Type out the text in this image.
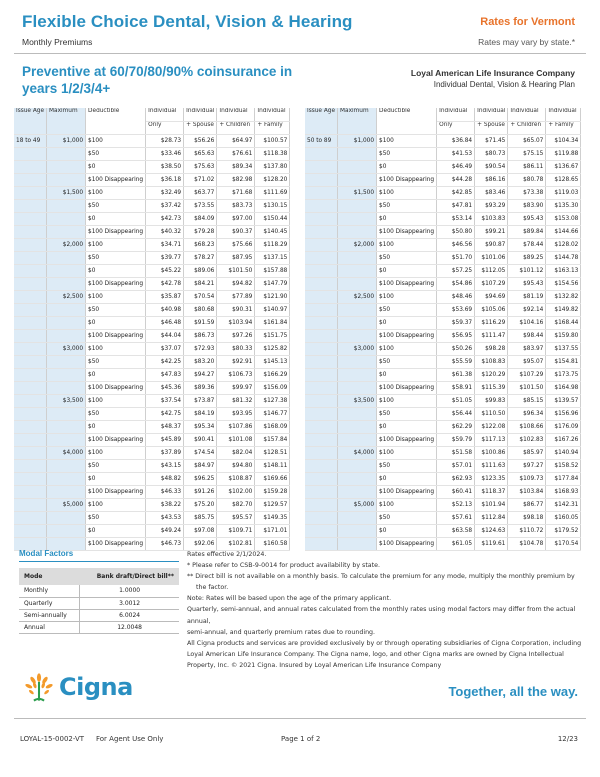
Flexible Choice Dental, Vision & Hearing
Monthly Premiums
Rates for Vermont
Rates may vary by state.*
Preventive at 60/70/80/90% coinsurance in years 1/2/3/4+
Loyal American Life Insurance Company
Individual Dental, Vision & Hearing Plan
Issue Age	Maximum	Deductible	Individual	Individual	Individual	Individual
			Only	+ Spouse	+ Children	+ Family
18 to 49	$1,000	$100	$28.73	$56.26	$64.97	$100.57
		$50	$33.46	$65.63	$76.61	$118.38
		$0	$38.50	$75.63	$89.34	$137.80
		$100 Disappearing	$36.18	$71.02	$82.98	$128.20
	$1,500	$100	$32.49	$63.77	$71.68	$111.69
		$50	$37.42	$73.55	$83.73	$130.15
		$0	$42.73	$84.09	$97.00	$150.44
		$100 Disappearing	$40.32	$79.28	$90.37	$140.45
	$2,000	$100	$34.71	$68.23	$75.66	$118.29
		$50	$39.77	$78.27	$87.95	$137.15
		$0	$45.22	$89.06	$101.50	$157.88
		$100 Disappearing	$42.78	$84.21	$94.82	$147.79
	$2,500	$100	$35.87	$70.54	$77.89	$121.90
		$50	$40.98	$80.68	$90.31	$140.97
		$0	$46.48	$91.59	$103.94	$161.84
		$100 Disappearing	$44.04	$86.73	$97.26	$151.75
	$3,000	$100	$37.07	$72.93	$80.33	$125.82
		$50	$42.25	$83.20	$92.91	$145.13
		$0	$47.83	$94.27	$106.73	$166.29
		$100 Disappearing	$45.36	$89.36	$99.97	$156.09
	$3,500	$100	$37.54	$73.87	$81.32	$127.38
		$50	$42.75	$84.19	$93.95	$146.77
		$0	$48.37	$95.34	$107.86	$168.09
		$100 Disappearing	$45.89	$90.41	$101.08	$157.84
	$4,000	$100	$37.89	$74.54	$82.04	$128.51
		$50	$43.15	$84.97	$94.80	$148.11
		$0	$48.82	$96.25	$108.87	$169.66
		$100 Disappearing	$46.33	$91.26	$102.00	$159.28
	$5,000	$100	$38.22	$75.20	$82.70	$129.57
		$50	$43.53	$85.75	$95.57	$149.35
		$0	$49.24	$97.08	$109.71	$171.01
		$100 Disappearing	$46.73	$92.06	$102.81	$160.58
Issue Age	Maximum	Deductible	Individual	Individual	Individual	Individual
			Only	+ Spouse	+ Children	+ Family
50 to 89	$1,000	$100	$36.84	$71.45	$65.07	$104.34
		$50	$41.53	$80.73	$75.15	$119.88
		$0	$46.49	$90.54	$86.11	$136.67
		$100 Disappearing	$44.28	$86.16	$80.78	$128.65
	$1,500	$100	$42.85	$83.46	$73.38	$119.03
		$50	$47.81	$93.29	$83.90	$135.30
		$0	$53.14	$103.83	$95.43	$153.08
		$100 Disappearing	$50.80	$99.21	$89.84	$144.66
	$2,000	$100	$46.56	$90.87	$78.44	$128.02
		$50	$51.70	$101.06	$89.25	$144.78
		$0	$57.25	$112.05	$101.12	$163.13
		$100 Disappearing	$54.86	$107.29	$95.43	$154.56
	$2,500	$100	$48.46	$94.69	$81.19	$132.82
		$50	$53.69	$105.06	$92.14	$149.82
		$0	$59.37	$116.29	$104.16	$168.44
		$100 Disappearing	$56.95	$111.47	$98.44	$159.80
	$3,000	$100	$50.26	$98.28	$83.97	$137.55
		$50	$55.59	$108.83	$95.07	$154.81
		$0	$61.38	$120.29	$107.29	$173.75
		$100 Disappearing	$58.91	$115.39	$101.50	$164.98
	$3,500	$100	$51.05	$99.83	$85.15	$139.57
		$50	$56.44	$110.50	$96.34	$156.96
		$0	$62.29	$122.08	$108.66	$176.09
		$100 Disappearing	$59.79	$117.13	$102.83	$167.26
	$4,000	$100	$51.58	$100.86	$85.97	$140.94
		$50	$57.01	$111.63	$97.27	$158.52
		$0	$62.93	$123.35	$109.73	$177.84
		$100 Disappearing	$60.41	$118.37	$103.84	$168.93
	$5,000	$100	$52.13	$101.94	$86.77	$142.31
		$50	$57.61	$112.84	$98.18	$160.05
		$0	$63.58	$124.63	$110.72	$179.52
		$100 Disappearing	$61.05	$119.61	$104.78	$170.54
Modal Factors
Mode	Bank draft/Direct bill**
Monthly	1.0000
Quarterly	3.0012
Semi-annually	6.0024
Annual	12.0048
Rates effective 2/1/2024.
* Please refer to CSB-9-0014 for product availability by state.
** Direct bill is not available on a monthly basis. To calculate the premium for any mode, multiply the monthly premium by
the factor.
Note: Rates will be based upon the age of the primary applicant.
Quarterly, semi-annual, and annual rates calculated from the monthly rates using modal factors may differ from the actual annual,
semi-annual, and quarterly premium rates due to rounding.
All Cigna products and services are provided exclusively by or through operating subsidiaries of Cigna Corporation, including
Loyal American Life Insurance Company. The Cigna name, logo, and other Cigna marks are owned by Cigna Intellectual
Property, Inc. © 2021 Cigna. Insured by Loyal American Life Insurance Company
Cigna	Together, all the way.
LOYAL-15-0002-VT For Agent Use Only	Page 1 of 2	12/23
